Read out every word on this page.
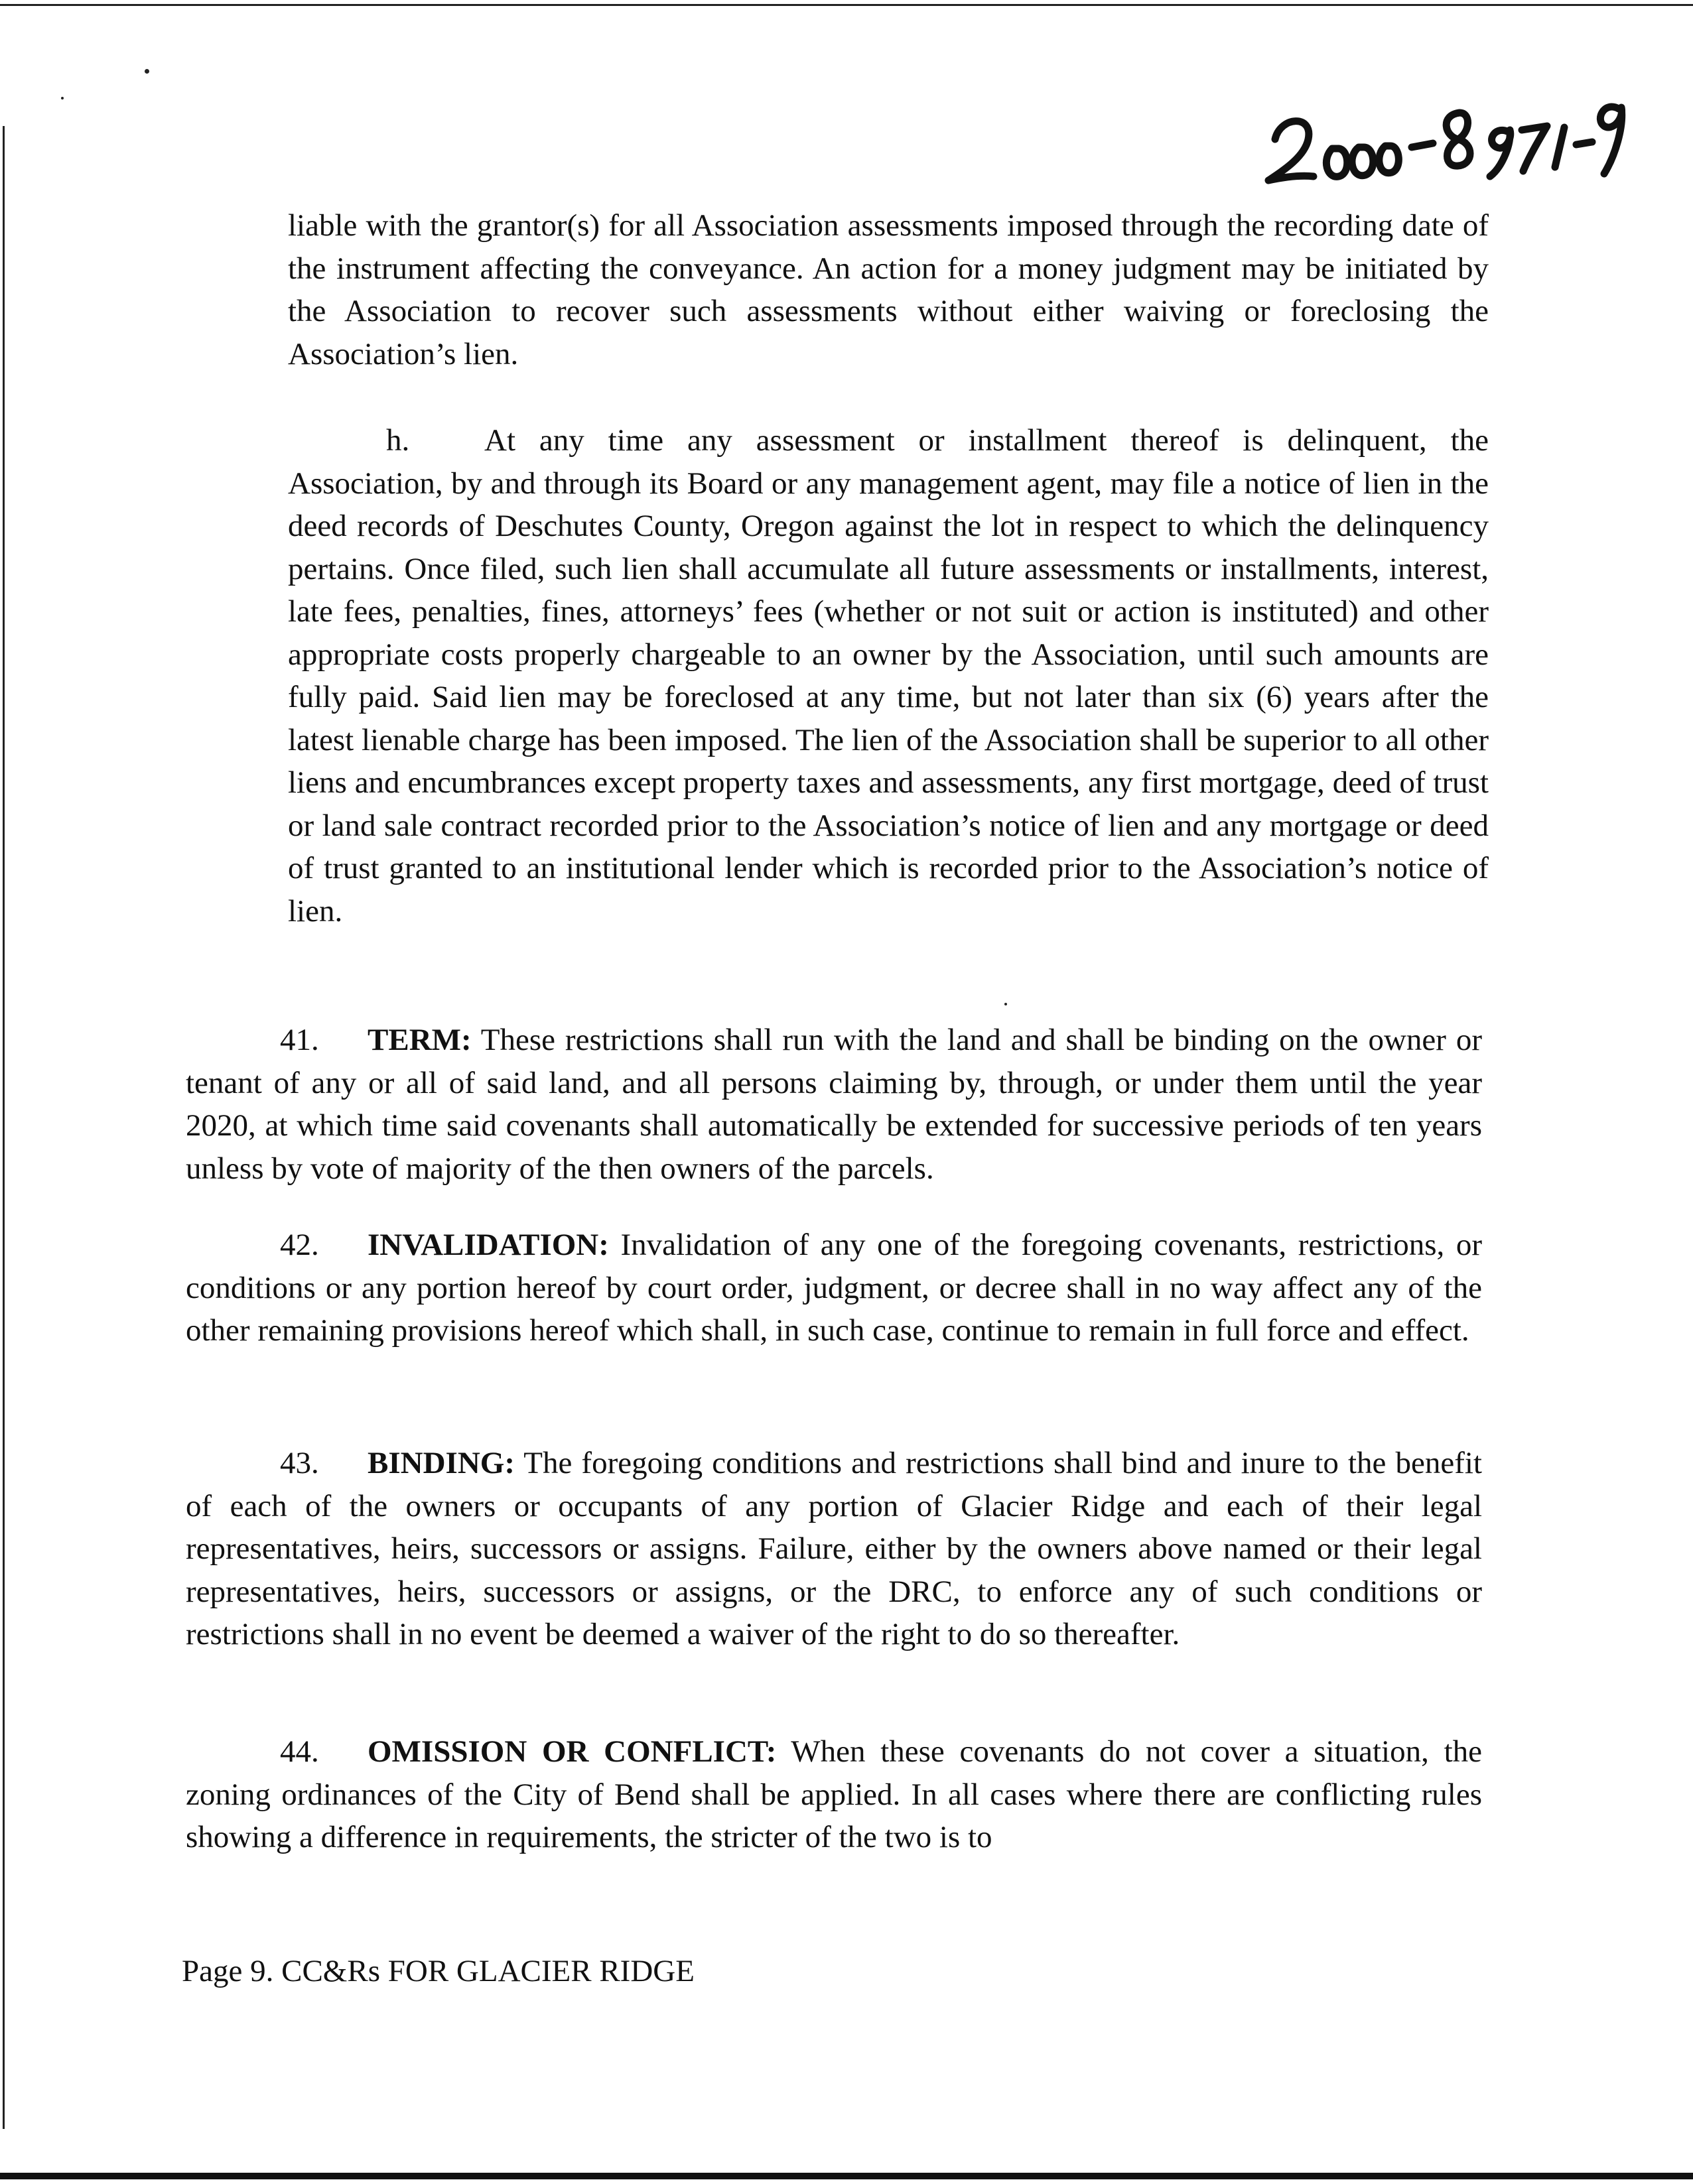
liable with the grantor(s) for all Association assessments imposed through the recording date of the instrument affecting the conveyance. An action for a money judgment may be initiated by the Association to recover such assessments without either waiving or foreclosing the Association’s lien.

h. At any time any assessment or installment thereof is delinquent, the Association, by and through its Board or any management agent, may file a notice of lien in the deed records of Deschutes County, Oregon against the lot in respect to which the delinquency pertains. Once filed, such lien shall accumulate all future assessments or installments, interest, late fees, penalties, fines, attorneys’ fees (whether or not suit or action is instituted) and other appropriate costs properly chargeable to an owner by the Association, until such amounts are fully paid. Said lien may be foreclosed at any time, but not later than six (6) years after the latest lienable charge has been imposed. The lien of the Association shall be superior to all other liens and encumbrances except property taxes and assessments, any first mortgage, deed of trust or land sale contract recorded prior to the Association’s notice of lien and any mortgage or deed of trust granted to an institutional lender which is recorded prior to the Association’s notice of lien.

41. TERM: These restrictions shall run with the land and shall be binding on the owner or tenant of any or all of said land, and all persons claiming by, through, or under them until the year 2020, at which time said covenants shall automatically be extended for successive periods of ten years unless by vote of majority of the then owners of the parcels.

42. INVALIDATION: Invalidation of any one of the foregoing covenants, restrictions, or conditions or any portion hereof by court order, judgment, or decree shall in no way affect any of the other remaining provisions hereof which shall, in such case, continue to remain in full force and effect.

43. BINDING: The foregoing conditions and restrictions shall bind and inure to the benefit of each of the owners or occupants of any portion of Glacier Ridge and each of their legal representatives, heirs, successors or assigns. Failure, either by the owners above named or their legal representatives, heirs, successors or assigns, or the DRC, to enforce any of such conditions or restrictions shall in no event be deemed a waiver of the right to do so thereafter.

44. OMISSION OR CONFLICT: When these covenants do not cover a situation, the zoning ordinances of the City of Bend shall be applied. In all cases where there are conflicting rules showing a difference in requirements, the stricter of the two is to

Page 9. CC&Rs FOR GLACIER RIDGE
